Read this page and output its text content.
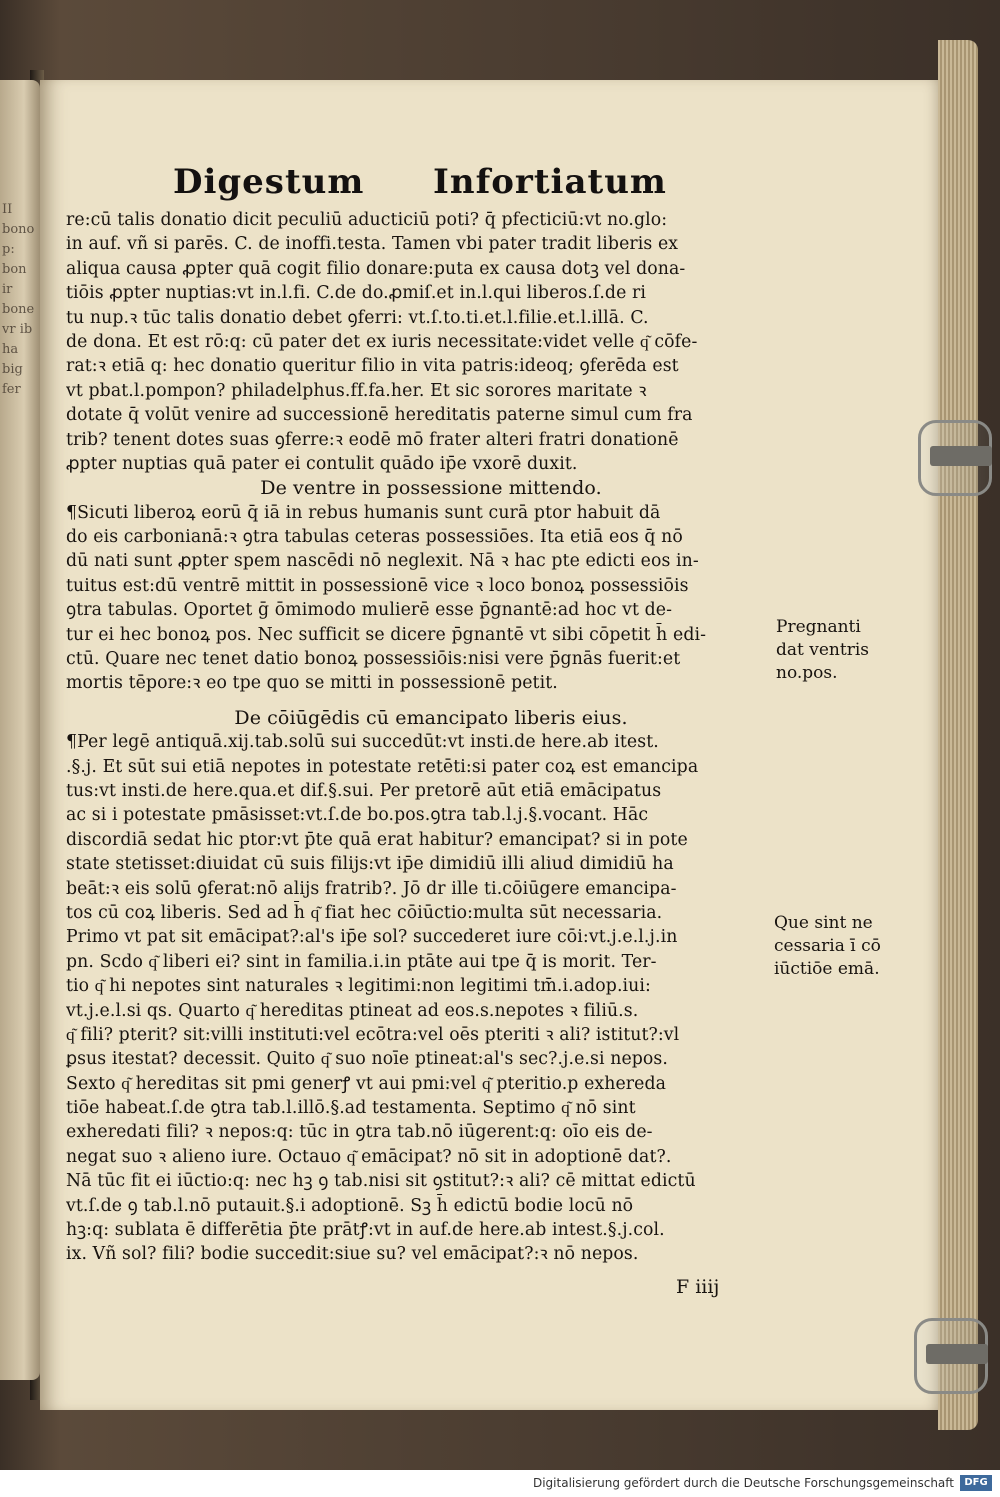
II
bono
p:
bon
ir
bone
vr ib
ha
big
fer
Digestum Infortiatum
re:cū talis donatio dicit peculiū aducticiū poti? q̄ pfecticiū:vt no.glo:
in auf. vñ si parēs. C. de inoffi.testa. Tamen vbi pater tradit liberis ex
aliqua causa ꝓpter quā cogit filio donare:puta ex causa dotꝫ vel dona-
tiōis ꝓpter nuptias:vt in.l.fi. C.de do.ꝓmiſ.et in.l.qui liberos.ſ.de ri
tu nup.ꝛ tūc talis donatio debet ꝯferri: vt.ſ.to.ti.et.l.filie.et.l.illā. C.
de dona. Et est rō:q: cū pater det ex iuris necessitate:videt velle q͂ cōfe-
rat:ꝛ etiā q: hec donatio queritur filio in vita patris:ideoq; ꝯferēda est
vt pbat.l.pompon? philadelphus.ff.fa.her. Et sic sorores maritate ꝛ
dotate q̄ volūt venire ad successionē hereditatis paterne simul cum fra
trib? tenent dotes suas ꝯferre:ꝛ eodē mō frater alteri fratri donationē
ꝓpter nuptias quā pater ei contulit quādo ip̄e vxorē duxit.
De ventre in possessione mittendo.
¶Sicuti liberoꝝ eorū q̄ iā in rebus humanis sunt curā ptor habuit dā
do eis carbonianā:ꝛ ꝯtra tabulas ceteras possessiōes. Ita etiā eos q̄ nō
dū nati sunt ꝓpter spem nascēdi nō neglexit. Nā ꝛ hac pte edicti eos in-
tuitus est:dū ventrē mittit in possessionē vice ꝛ loco bonoꝝ possessiōis
ꝯtra tabulas. Oportet ḡ ōmimodo mulierē esse p̄gnantē:ad hoc vt de-
tur ei hec bonoꝝ pos. Nec sufficit se dicere p̄gnantē vt sibi cōpetit h̄ edi-
ctū. Quare nec tenet datio bonoꝝ possessiōis:nisi vere p̄gnās fuerit:et
mortis tēpore:ꝛ eo tpe quo se mitti in possessionē petit.
De cōiūgēdis cū emancipato liberis eius.
¶Per legē antiquā.xij.tab.solū sui succedūt:vt insti.de here.ab itest.
.§.j. Et sūt sui etiā nepotes in potestate retēti:si pater coꝝ est emancipa
tus:vt insti.de here.qua.et dif.§.sui. Per pretorē aūt etiā emācipatus
ac si i potestate pmāsisset:vt.ſ.de bo.pos.ꝯtra tab.l.j.§.vocant. Hāc
discordiā sedat hic ptor:vt p̄te quā erat habitur? emancipat? si in pote
state stetisset:diuidat cū suis filijs:vt ip̄e dimidiū illi aliud dimidiū ha
beāt:ꝛ eis solū ꝯferat:nō alijs fratrib?. Jō dr ille ti.cōiūgere emancipa-
tos cū coꝝ liberis. Sed ad h̄ q͂ fiat hec cōiūctio:multa sūt necessaria.
Primo vt pat sit emācipat?:al's ip̄e sol? succederet iure cōi:vt.j.e.l.j.in
pn. Scdo q͂ liberi ei? sint in familia.i.in ptāte aui tpe q̄ is morit. Ter-
tio q͂ hi nepotes sint naturales ꝛ legitimi:non legitimi tm̄.i.adop.iui:
vt.j.e.l.si qs. Quarto q͂ hereditas ptineat ad eos.s.nepotes ꝛ filiū.s.
q͂ fili? pterit? sit:villi instituti:vel ecōtra:vel oēs pteriti ꝛ ali? istitut?:vl
ꝑsus itestat? decessit. Quito q͂ suo noīe ptineat:al's sec?.j.e.si nepos.
Sexto q͂ hereditas sit pmi generꝭ vt aui pmi:vel q͂ pteritio.p exhereda
tiōe habeat.ſ.de ꝯtra tab.l.illō.§.ad testamenta. Septimo q͂ nō sint
exheredati fili? ꝛ nepos:q: tūc in ꝯtra tab.nō iūgerent:q: oīo eis de-
negat suo ꝛ alieno iure. Octauo q͂ emācipat? nō sit in adoptionē dat?.
Nā tūc fit ei iūctio:q: nec hꝫ ꝯ tab.nisi sit ꝯstitut?:ꝛ ali? cē mittat edictū
vt.ſ.de ꝯ tab.l.nō putauit.§.i adoptionē. Sꝫ h̄ edictū bodie locū nō
hꝫ:q: sublata ē differētia p̄te prātꝭ:vt in auf.de here.ab intest.§.j.col.
ix. Vñ sol? fili? bodie succedit:siue su? vel emācipat?:ꝛ nō nepos.
Pregnanti
dat ventris
no.pos.
Que sint ne
cessaria ī cō
iūctiōe emā.
F iiij
Digitalisierung gefördert durch die Deutsche Forschungsgemeinschaft	DFG
